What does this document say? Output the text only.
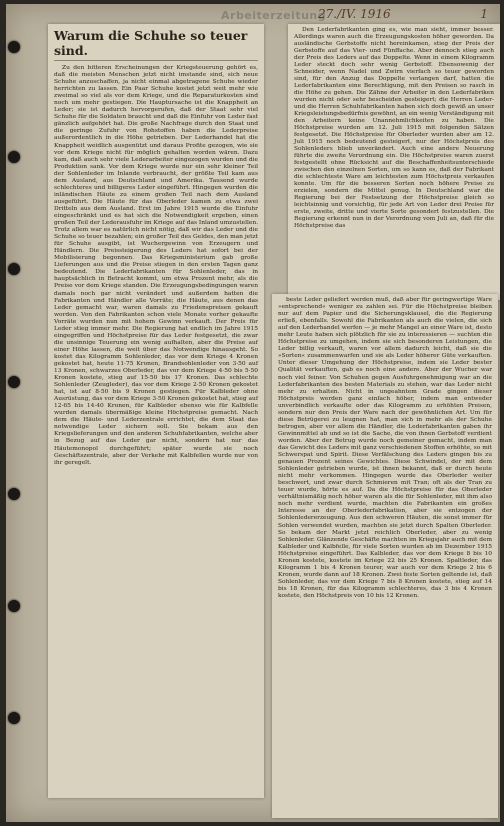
Arbeiterzeitung
27./IV. 1916	1
Warum die Schuhe so teuer sind.

Zu den bitteren Erscheinungen der Kriegsteuerung gehört es, daß die meisten Menschen jetzt nicht imstande sind, sich neue Schuhe anzuschaffen, ja nicht einmal abgetragene Schuhe wieder herrichten zu lassen. Ein Paar Schuhe kostet jetzt weit mehr wie zweimal so viel als vor dem Kriege, und die Reparaturkosten sind noch um mehr gestiegen. Die Hauptursache ist die Knappheit an Leder; sie ist dadurch hervorgerufen, daß der Staat sehr viel Schuhe für die Soldaten braucht und daß die Einfuhr von Leder fast gänzlich aufgehört hat. Die große Nachfrage durch den Staat und die geringe Zufuhr von Rohstoffen haben die Lederpreise außerordentlich in die Höhe getrieben. Der Lederhandel hat die Knappheit weidlich ausgenützt und daraus Profite gezogen, wie sie vor dem Kriege nicht für möglich gehalten worden wären. Dazu kam, daß auch sehr viele Lederarbeiter eingezogen wurden und die Produktion sank. Vor dem Kriege wurde nur ein sehr kleiner Teil der Sohlenleder im Inlande verbraucht, der größte Teil kam aus dem Ausland, aus Deutschland und Amerika. Tausend wurde schlechteres und billigeres Leder eingeführt. Hingegen wurden die inländischen Häute zu einem großen Teil nach dem Ausland ausgeführt. Die Häute für das Oberleder kamen zu etwa zwei Dritteln aus dem Ausland. Erst im Jahre 1915 wurde die Einfuhr eingeschränkt und es hat sich die Notwendigkeit ergeben, einen großen Teil der Lederausfuhr im Kriege auf das Inland umzustellen. Trotz allem war es natürlich nicht nötig, daß wir das Leder und die Schuhe so teuer bezahlen; ein großer Teil des Geldes, den man jetzt für Schuhe ausgibt, ist Wuchergewinn von Erzeugern und Händlern. Die Preissteigerung des Leders hat sofort bei der Mobilisierung begonnen. Das Kriegsministerium gab große Lieferungen aus und die Preise stiegen in den ersten Tagen ganz bedeutend. Die Lederfabrikanten für Sohlenleder, das in hauptsächlich in Betracht kommt, um etwa Prozent mehr, als die Preise vor dem Kriege standen. Die Erzeugungsbedingungen waren damals noch gar nicht verändert und außerdem hatten die Fabrikanten und Händler alle Vorräte; die Häute, aus denen das Leder gemacht war, waren damals zu Friedenspreisen gekauft worden. Von den Fabrikanten schon viele Monate vorher gekaufte Vorräte wurden nun mit hohem Gewinn verkauft. Der Preis für Leder stieg immer mehr. Die Regierung hat endlich im Jahre 1915 eingegriffen und Höchstpreise für das Leder festgesetzt, die zwar die unsinnige Teuerung ein wenig aufhalten, aber die Preise auf einer Höhe lassen, die weit über das Notwendige hinausgeht. So kostet das Kilogramm Sohlenleder, das vor dem Kriege 4 Kronen gekostet hat, heute 11·75 Kronen, Brandsohlenleder von 3·50 auf 13 Kronen, schwarzes Oberleder, das vor dem Kriege 4·50 bis 5·50 Kronen kostete, stieg auf 15·50 bis 17 Kronen. Das schlechte Sohlenleder (Zeugleder), das vor dem Kriege 2·50 Kronen gekostet hat, ist auf 8·50 bis 9 Kronen gestiegen. Für Kalbleder ohne Ausrüstung, das vor dem Kriege 3·50 Kronen gekostet hat, stieg auf 12·65 bis 14·40 Kronen, für Kalbleder ebenso wie für Kalbfelle wurden damals übermäßige kleine Höchstpreise gemacht. Nach dem die Häute- und Lederzentrale errichtet, die dem Staat das notwendige Leder sichern soll. Sie bekam aus den Kriegslieferungen und den anderen Schuhfabrikanten, welche aber in Bezug auf das Leder gar nicht, sondern hat nur das Häutemonopol durchgeführt; später wurde sie noch Geschäftszentrale, aber der Verkehr mit Kalbfellen wurde nur von ihr geregelt.

Den Lederfabrikanten ging es, wie man sieht, immer besser. Allerdings waren auch die Erzeugungskosten höher geworden. Da ausländische Gerbstoffe nicht hereinkamen, stieg der Preis der Gerbstoffe auf das Vier- und Fünffache. Aber dennoch stieg auch der Preis des Leders auf das Doppelte. Wenn in einem Kilogramm Leder steckt doch sehr wenig Gerbstoff. Ebensowenig der Schneider, wenn Nadel und Zwirn vierfach so teuer geworden sind, für den Anzug das Doppelte verlangen darf, hatten die Lederfabrikanten eine Berechtigung, mit den Preisen so rasch in die Höhe zu gehen. Die Zähne der Arbeiter in den Lederfabriken wurden nicht oder sehr bescheiden gesteigert; die Herren Leder- und die Herren Schuhfabrikanten haben sich doch gewiß an unser Kriegsleistungsbedürfnis gewöhnt, an ein wenig Verständigung mit den Arbeitern keine Unannehmlichkeiten zu haben. Die Höchstpreise wurden am 12. Juli 1915 mit folgenden Sätzen festgesetzt. Die Höchstpreise für Oberleder wurden aber am 12. Juli 1915 noch bedeutend gesteigert, nur der Höchstpreis des Sohlenleders blieb unverändert. Auch eine andere Neuerung führte die zweite Verordnung ein. Die Höchstpreise waren zuerst festgestellt ohne Rücksicht auf die Beschaffenheitsunterschiede zwischen den einzelnen Sorten, um so kann es, daß der Fabrikant die schlechteste Ware am leichtesten zum Höchstpreis verkaufen konnte. Um für die besseren Sorten noch höhere Preise zu erzielen, sondern die Mittel genug. In Deutschland war die Regierung bei der Festsetzung der Höchstpreise gleich so leichtsinnig und vorsichtig, für jede Art von Leder drei Preise für erste, zweite, dritte und vierte Sorte gesondert festzustellen. Die Regierung erkennt nun in der Verordnung vom Juli an, daß für die Höchstpreise das

beste Leder geliefert werden muß, daß aber für geringwertige Ware »entsprechend« weniger zu zahlen sei. Für die Höchstpreise bleiben nur auf dem Papier und die Sicherungsklausel, die die Regierung erließ, ebenfalls. Sowohl die Fabrikanten als auch die vielen, die sich auf den Lederhandel werfen — je mehr Mangel an einer Ware ist, desto mehr Leute haben sich plötzlich für sie zu interessieren — suchten die Höchstpreise zu umgehen, indem sie sich besonderen Leistungen, die Leder billig verkauft, waren vor allem dadurch leicht, daß sie die »Sorten« zusammenwarfen und sie als Leder höherer Güte verkauften. Unter dieser Umgehung der Höchstpreise, indem sie Leder bester Qualität verkauften, gab es noch eine andere. Aber der Wucher war noch viel feiner. Von Schuhen gegen Ausfuhrgenehmigung war an die Lederfabrikanten des besten Materials zu stehen, war das Leder nicht mehr zu erhalten. Nicht in ungeahntem Grade gingen dieser Höchstpreis werden ganz einfach höher, indem man entweder unverbindlich verkaufte oder das Kilogramm zu erhöhten Preisen, sondern nur den Preis der Ware nach der gewöhnlichen Art. Um für diese Betrügerei zu leugnen hat, man sich in mehr als der Schuhe betrogen, aber vor allem die Händler, die Lederfabrikanten gaben ihr Gewinnmittel ab und so ist die Sache, die von ihnen Gerbstoff verdient worden. Aber der Betrug wurde noch gemeiner gemacht, indem man das Gewicht des Leders mit ganz verschiedenen Stoffen erhöhte, so mit Schwerspat und Spirit. Diese Verfälschung des Leders gingen bis zu genauen Prozent seines Gewichtes. Diese Schwindel, der mit dem Sohlenleder getrieben wurde, ist ihnen bekannt, daß er durch heute nicht mehr verkommen. Hingegen wurde das Oberleder weiter beschwert, und zwar durch Schmieren mit Tran; oft als der Tran zu teuer wurde, hörte es auf. Da die Höchstpreise für das Oberleder verhältnismäßig noch höher waren als die für Sohlenleder, mit ihm also noch mehr verdient wurde, machten die Fabrikanten ein großes Interesse an der Oberlederfabrikation, aber sie entzogen der Sohlenledererzeugung. Aus den schweren Häuten, die sonst immer für Sohlen verwendet wurden, machten sie jetzt durch Spalten Oberleder. So bekam der Markt jetzt reichlich Oberleder, aber zu wenig Sohlenleder. Glänzende Geschäfte machten im Kriegsjahr auch mit dem Kalbleder und Kalbfelle, für viele Sorten wurden ab im Dezember 1915 Höchstpreise eingeführt. Das Kalbleder, das vor dem Kriege 8 bis 10 Kronen kostete, kostete im Kriege 22 bis 25 Kronen. Spaltleder, das Kilogramm 1 bis 4 Kronen teurer, war auch vor dem Kriege 2 bis 6 Kronen, wurde dann auf 18 Kronen. Zwei feste Sorten geltende ist, daß Sohlenleder, das vor dem Kriege 7 bis 8 Kronen kostete, stieg auf 14 bis 18 Kronen, für das Kilogramm schlechteres, das 3 bis 4 Kronen kostete, den Höchstpreis von 10 bis 12 Kronen.
